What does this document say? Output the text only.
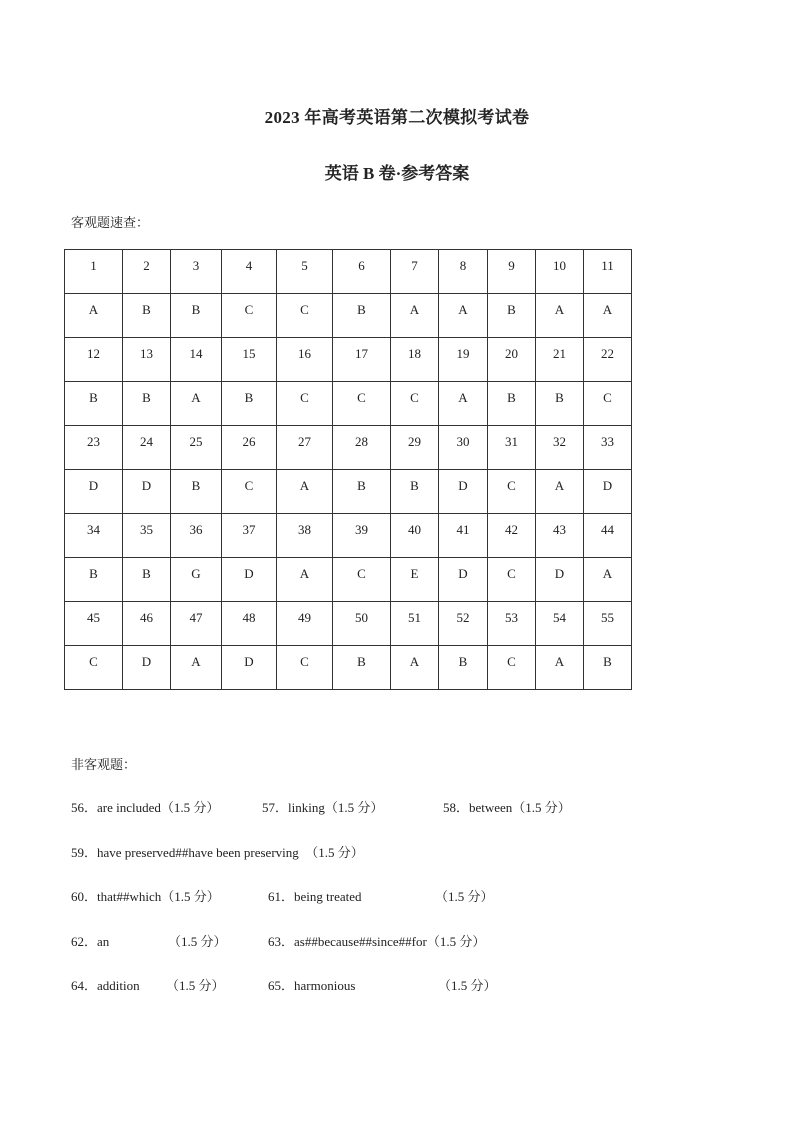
2023 年高考英语第二次模拟考试卷
英语 B 卷·参考答案
客观题速查：
1	2	3	4	5	6	7	8	9	10	11
A	B	B	C	C	B	A	A	B	A	A
12	13	14	15	16	17	18	19	20	21	22
B	B	A	B	C	C	C	A	B	B	C
23	24	25	26	27	28	29	30	31	32	33
D	D	B	C	A	B	B	D	C	A	D
34	35	36	37	38	39	40	41	42	43	44
B	B	G	D	A	C	E	D	C	D	A
45	46	47	48	49	50	51	52	53	54	55
C	D	A	D	C	B	A	B	C	A	B
非客观题：
56．are included（1.5 分）	57．linking（1.5 分）	58．between（1.5 分）
59．have preserved##have been preserving　（1.5 分）
60．that##which（1.5 分）	61．being treated	（1.5 分）
62．an	（1.5 分）	63．as##because##since##for（1.5 分）
64．addition （1.5 分）	65．harmonious	（1.5 分）
